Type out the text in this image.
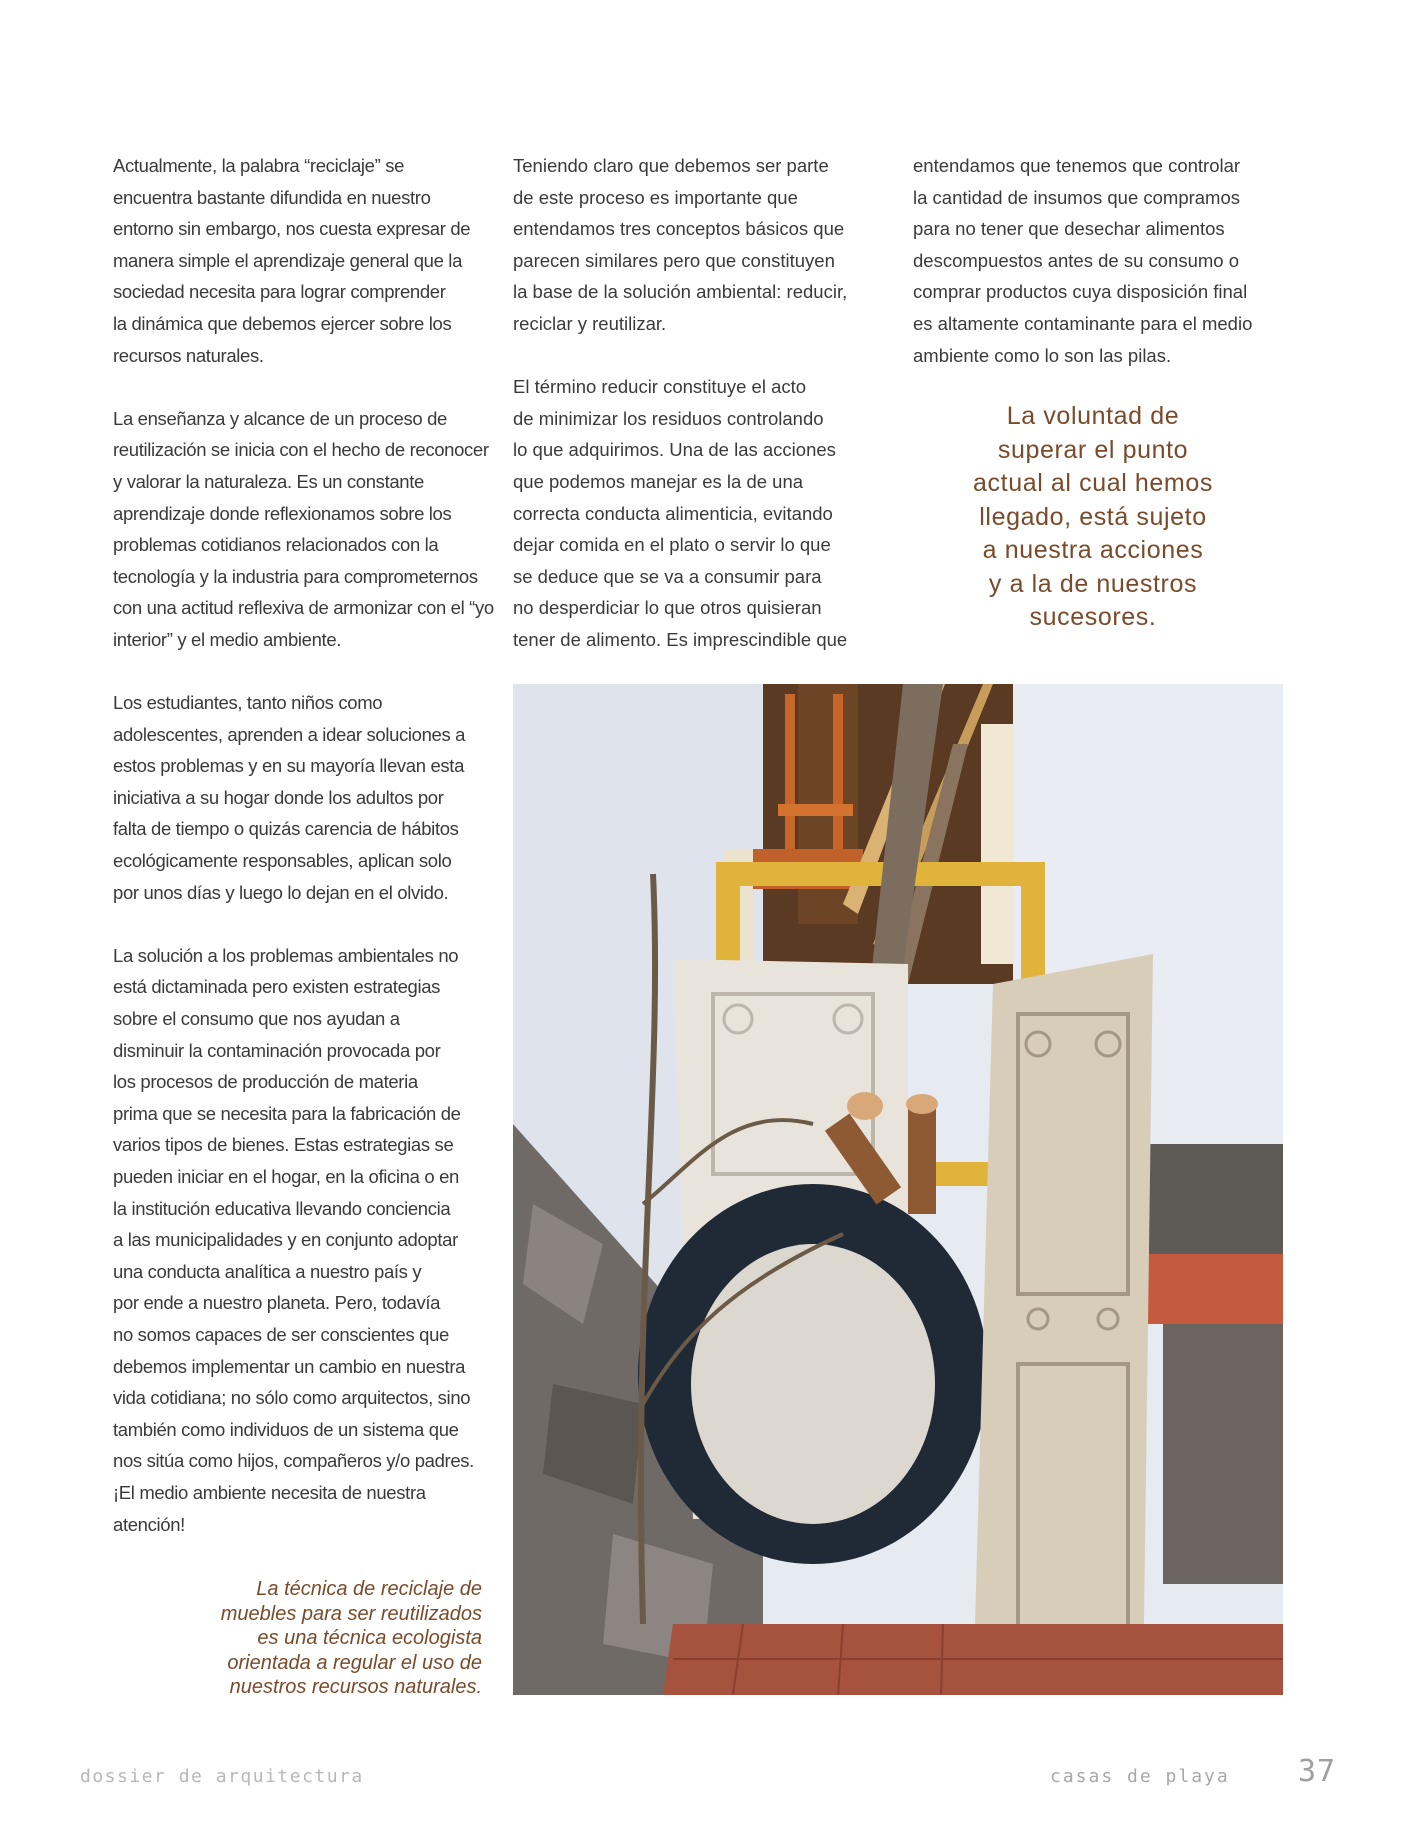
Actualmente, la palabra “reciclaje” se
encuentra bastante difundida en nuestro
entorno sin embargo, nos cuesta expresar de
manera simple el aprendizaje general que la
sociedad necesita para lograr comprender
la dinámica que debemos ejercer sobre los
recursos naturales.

La enseñanza y alcance de un proceso de
reutilización se inicia con el hecho de reconocer
y valorar la naturaleza. Es un constante
aprendizaje donde reflexionamos sobre los
problemas cotidianos relacionados con la
tecnología y la industria para comprometernos
con una actitud reflexiva de armonizar con el “yo
interior” y el medio ambiente.

Los estudiantes, tanto niños como
adolescentes, aprenden a idear soluciones a
estos problemas y en su mayoría llevan esta
iniciativa a su hogar donde los adultos por
falta de tiempo o quizás carencia de hábitos
ecológicamente responsables, aplican solo
por unos días y luego lo dejan en el olvido.

La solución a los problemas ambientales no
está dictaminada pero existen estrategias
sobre el consumo que nos ayudan a
disminuir la contaminación provocada por
los procesos de producción de materia
prima que se necesita para la fabricación de
varios tipos de bienes. Estas estrategias se
pueden iniciar en el hogar, en la oficina o en
la institución educativa llevando conciencia
a las municipalidades y en conjunto adoptar
una conducta analítica a nuestro país y
por ende a nuestro planeta. Pero, todavía
no somos capaces de ser conscientes que
debemos implementar un cambio en nuestra
vida cotidiana; no sólo como arquitectos, sino
también como individuos de un sistema que
nos sitúa como hijos, compañeros y/o padres.
¡El medio ambiente necesita de nuestra
atención!

Teniendo claro que debemos ser parte
de este proceso es importante que
entendamos tres conceptos básicos que
parecen similares pero que constituyen
la base de la solución ambiental: reducir,
reciclar y reutilizar.

El término reducir constituye el acto
de minimizar los residuos controlando
lo que adquirimos. Una de las acciones
que podemos manejar es la de una
correcta conducta alimenticia, evitando
dejar comida en el plato o servir lo que
se deduce que se va a consumir para
no desperdiciar lo que otros quisieran
tener de alimento. Es imprescindible que

entendamos que tenemos que controlar
la cantidad de insumos que compramos
para no tener que desechar alimentos
descompuestos antes de su consumo o
comprar productos cuya disposición final
es altamente contaminante para el medio
ambiente como lo son las pilas.

La voluntad de
superar el punto
actual al cual hemos
llegado, está sujeto
a nuestra acciones
y a la de nuestros
sucesores.
La técnica de reciclaje de
muebles para ser reutilizados
es una técnica ecologista
orientada a regular el uso de
nuestros recursos naturales.
dossier de arquitectura	casas de playa 37
